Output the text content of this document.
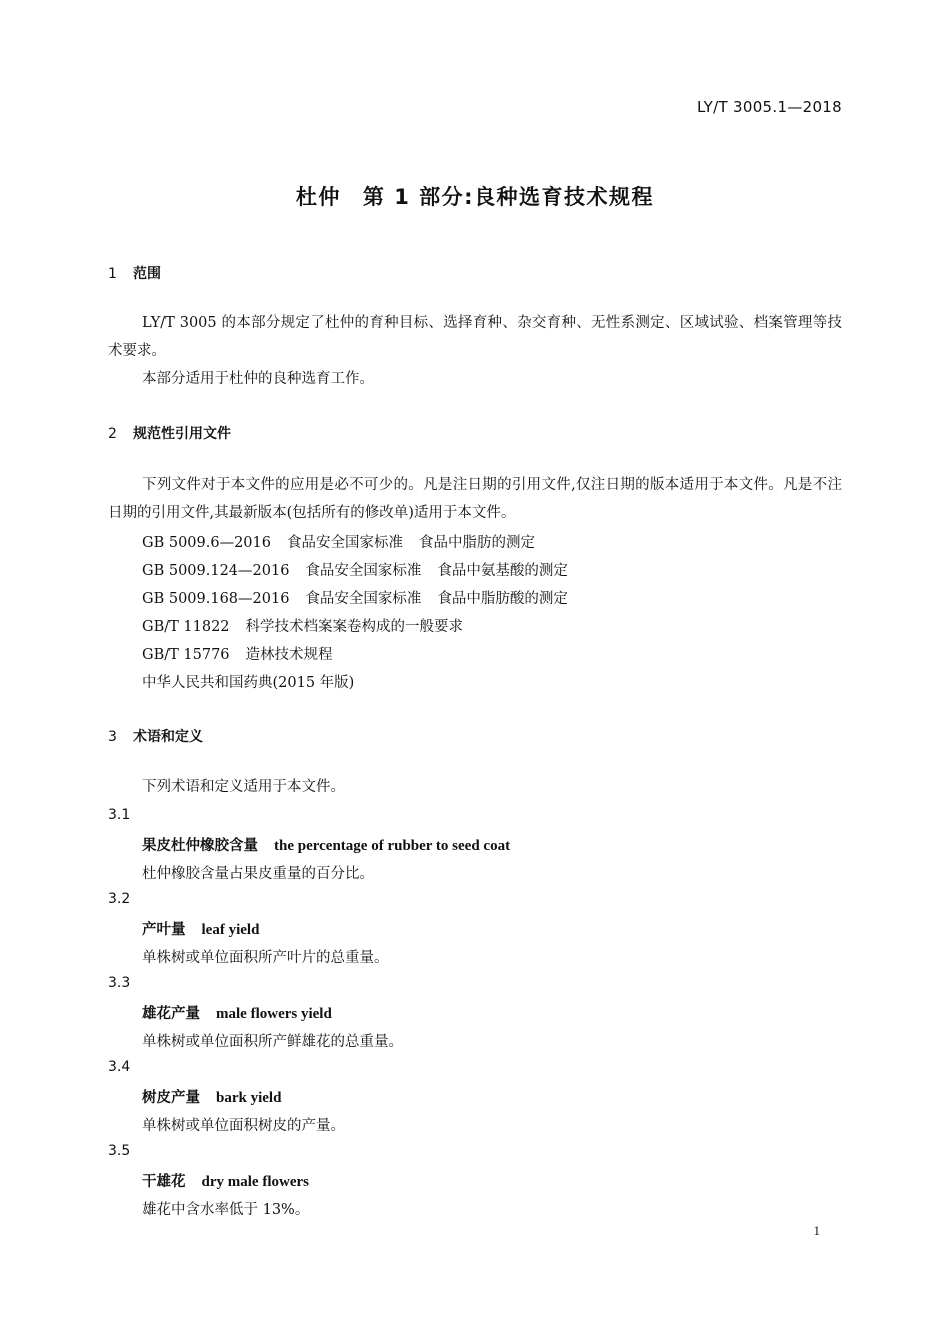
LY/T 3005.1—2018
杜仲 第 1 部分:良种选育技术规程
1 范围
LY/T 3005 的本部分规定了杜仲的育种目标、选择育种、杂交育种、无性系测定、区域试验、档案管理等技术要求。
本部分适用于杜仲的良种选育工作。
2 规范性引用文件
下列文件对于本文件的应用是必不可少的。凡是注日期的引用文件,仅注日期的版本适用于本文件。凡是不注日期的引用文件,其最新版本(包括所有的修改单)适用于本文件。
GB 5009.6—2016 食品安全国家标准 食品中脂肪的测定
GB 5009.124—2016 食品安全国家标准 食品中氨基酸的测定
GB 5009.168—2016 食品安全国家标准 食品中脂肪酸的测定
GB/T 11822 科学技术档案案卷构成的一般要求
GB/T 15776 造林技术规程
中华人民共和国药典(2015 年版)
3 术语和定义
下列术语和定义适用于本文件。
3.1
果皮杜仲橡胶含量 the percentage of rubber to seed coat
杜仲橡胶含量占果皮重量的百分比。
3.2
产叶量 leaf yield
单株树或单位面积所产叶片的总重量。
3.3
雄花产量 male flowers yield
单株树或单位面积所产鲜雄花的总重量。
3.4
树皮产量 bark yield
单株树或单位面积树皮的产量。
3.5
干雄花 dry male flowers
雄花中含水率低于 13%。
1
